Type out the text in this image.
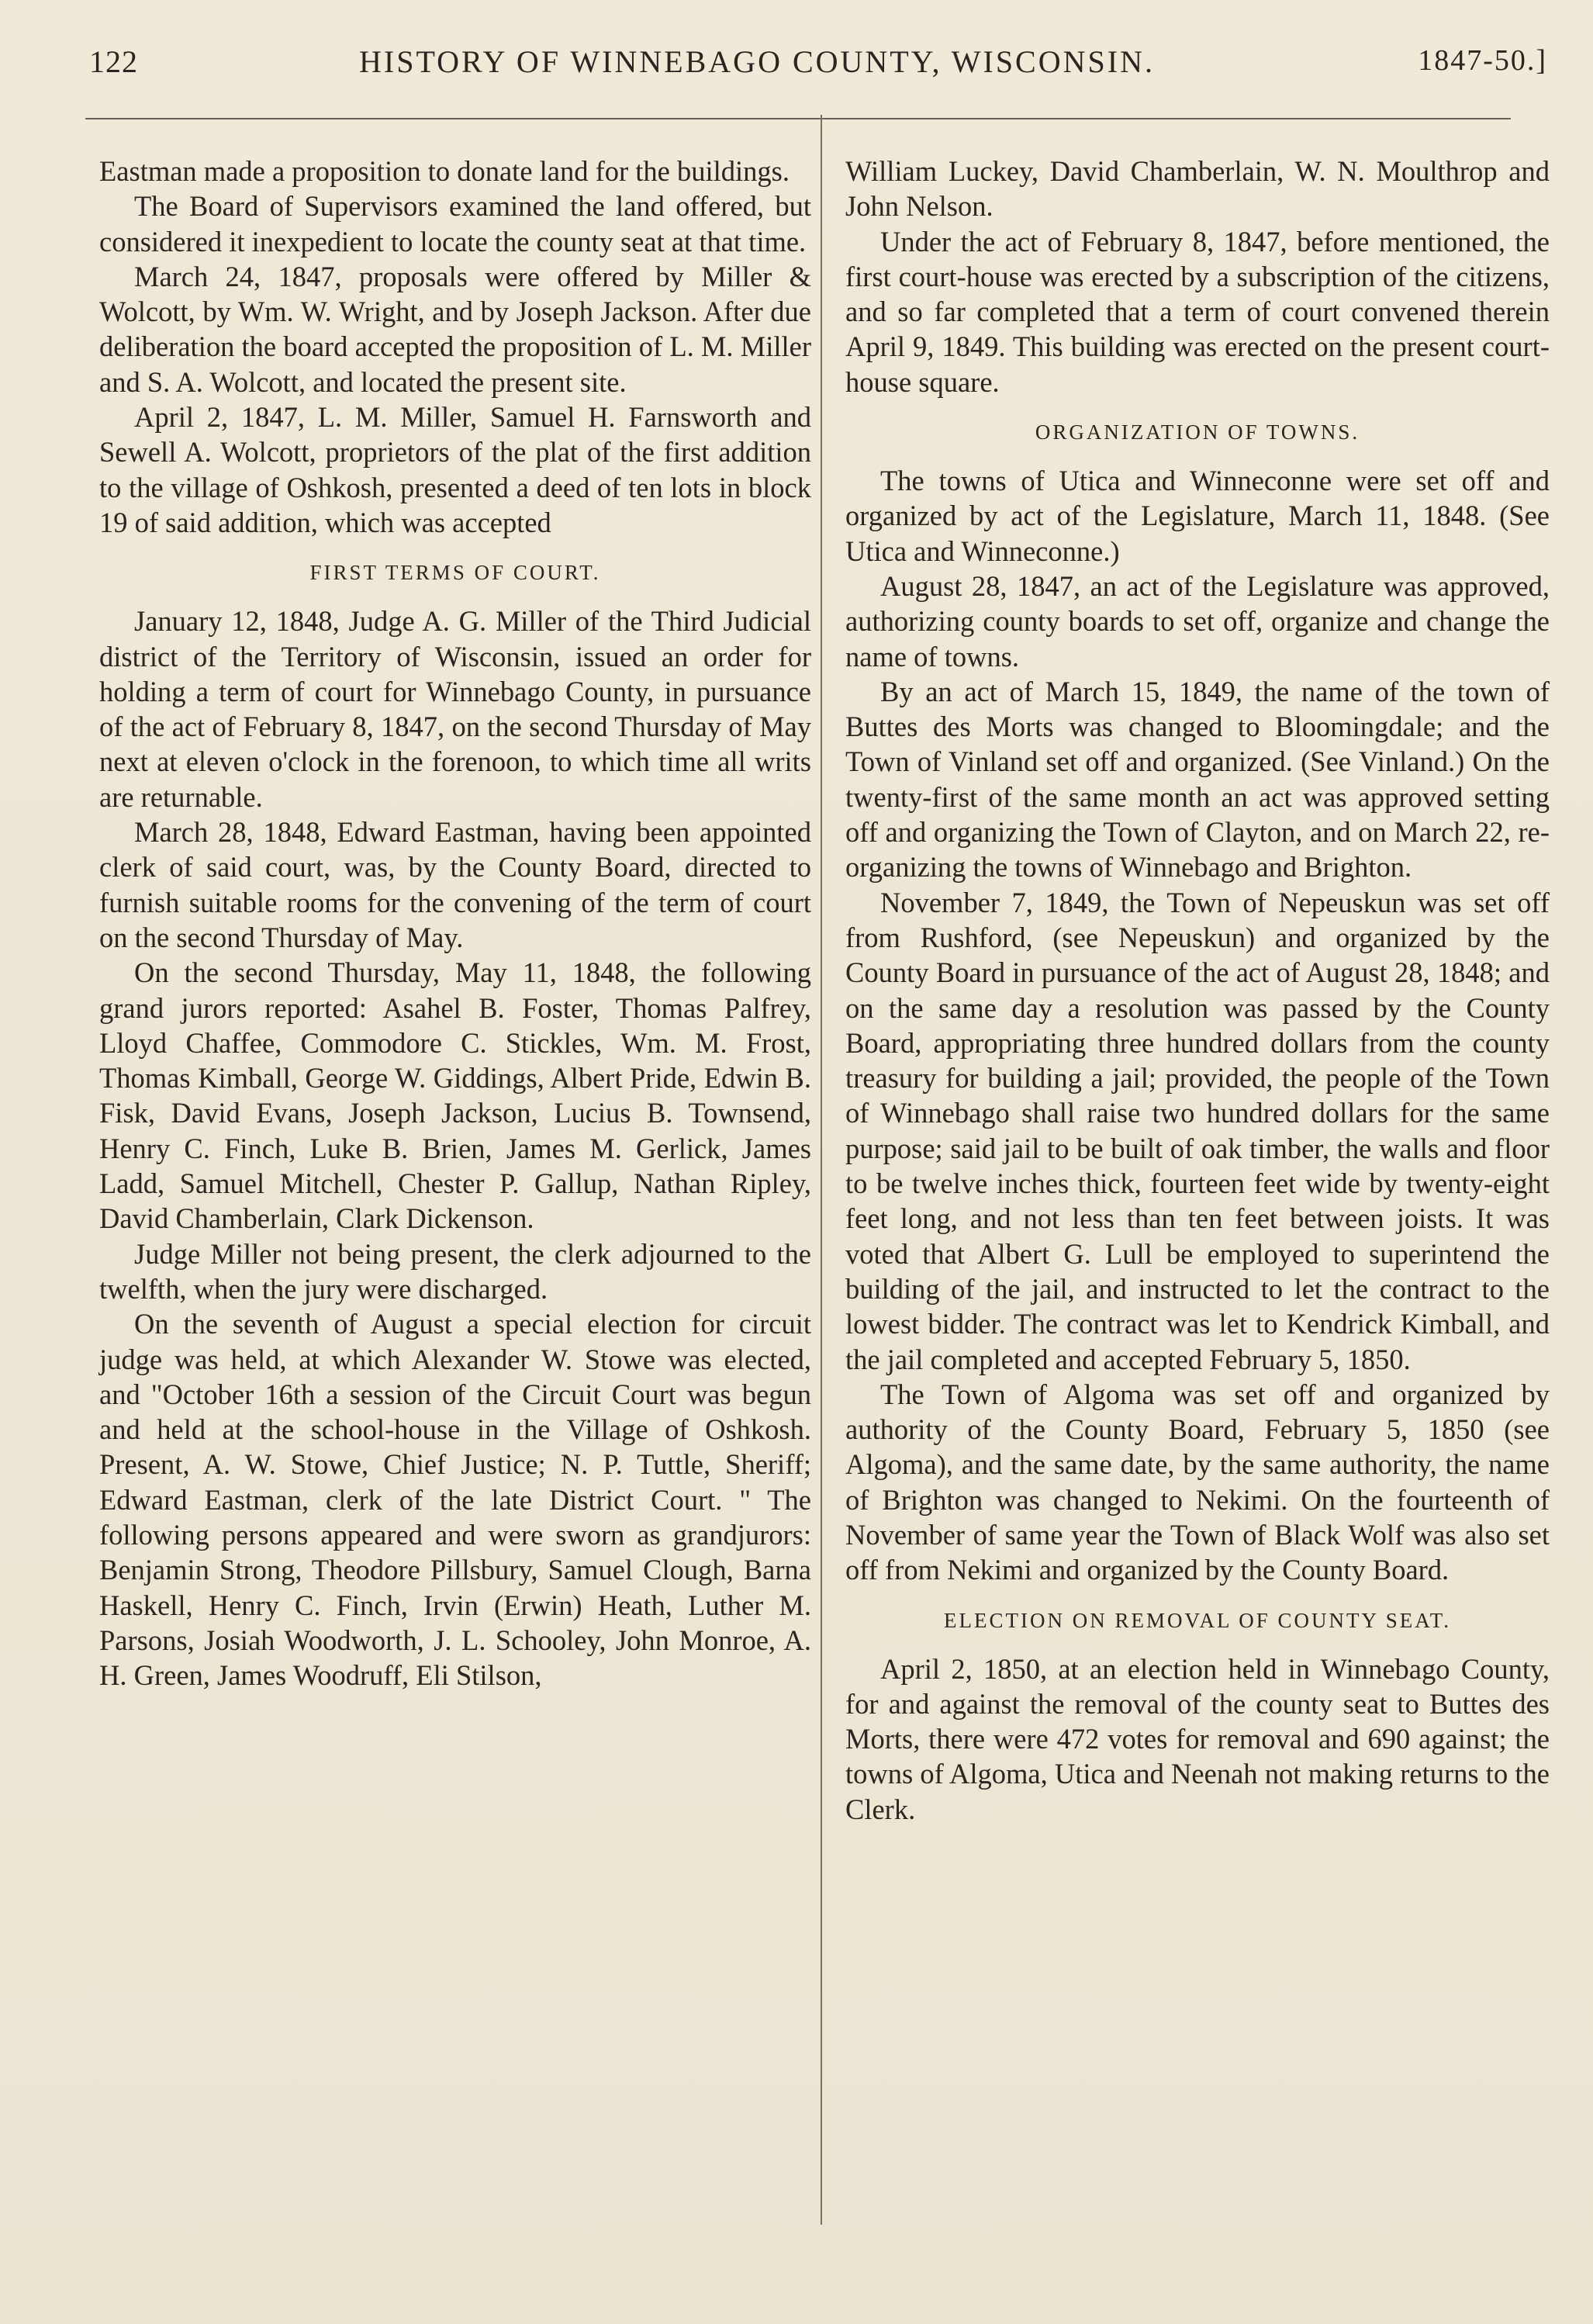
122	HISTORY OF WINNEBAGO COUNTY, WISCONSIN.	1847-50.]

Eastman made a proposition to donate land for the buildings.

The Board of Supervisors examined the land offered, but considered it inexpedient to locate the county seat at that time.

March 24, 1847, proposals were offered by Miller & Wolcott, by Wm. W. Wright, and by Joseph Jackson. After due deliberation the board accepted the proposition of L. M. Miller and S. A. Wolcott, and located the present site.

April 2, 1847, L. M. Miller, Samuel H. Farnsworth and Sewell A. Wolcott, proprietors of the plat of the first addition to the village of Oshkosh, presented a deed of ten lots in block 19 of said addition, which was accepted

FIRST TERMS OF COURT.

January 12, 1848, Judge A. G. Miller of the Third Judicial district of the Territory of Wisconsin, issued an order for holding a term of court for Winnebago County, in pursuance of the act of February 8, 1847, on the second Thursday of May next at eleven o'clock in the forenoon, to which time all writs are returnable.

March 28, 1848, Edward Eastman, having been appointed clerk of said court, was, by the County Board, directed to furnish suitable rooms for the convening of the term of court on the second Thursday of May.

On the second Thursday, May 11, 1848, the following grand jurors reported: Asahel B. Foster, Thomas Palfrey, Lloyd Chaffee, Commodore C. Stickles, Wm. M. Frost, Thomas Kimball, George W. Giddings, Albert Pride, Edwin B. Fisk, David Evans, Joseph Jackson, Lucius B. Townsend, Henry C. Finch, Luke B. Brien, James M. Gerlick, James Ladd, Samuel Mitchell, Chester P. Gallup, Nathan Ripley, David Chamberlain, Clark Dickenson.

Judge Miller not being present, the clerk adjourned to the twelfth, when the jury were discharged.

On the seventh of August a special election for circuit judge was held, at which Alexander W. Stowe was elected, and "October 16th a session of the Circuit Court was begun and held at the school-house in the Village of Oshkosh. Present, A. W. Stowe, Chief Justice; N. P. Tuttle, Sheriff; Edward Eastman, clerk of the late District Court. " The following persons appeared and were sworn as grandjurors: Benjamin Strong, Theodore Pillsbury, Samuel Clough, Barna Haskell, Henry C. Finch, Irvin (Erwin) Heath, Luther M. Parsons, Josiah Woodworth, J. L. Schooley, John Monroe, A. H. Green, James Woodruff, Eli Stilson,

William Luckey, David Chamberlain, W. N. Moulthrop and John Nelson.

Under the act of February 8, 1847, before mentioned, the first court-house was erected by a subscription of the citizens, and so far completed that a term of court convened therein April 9, 1849. This building was erected on the present court-house square.

ORGANIZATION OF TOWNS.

The towns of Utica and Winneconne were set off and organized by act of the Legislature, March 11, 1848. (See Utica and Winneconne.)

August 28, 1847, an act of the Legislature was approved, authorizing county boards to set off, organize and change the name of towns.

By an act of March 15, 1849, the name of the town of Buttes des Morts was changed to Bloomingdale; and the Town of Vinland set off and organized. (See Vinland.) On the twenty-first of the same month an act was approved setting off and organizing the Town of Clayton, and on March 22, re-organizing the towns of Winnebago and Brighton.

November 7, 1849, the Town of Nepeuskun was set off from Rushford, (see Nepeuskun) and organized by the County Board in pursuance of the act of August 28, 1848; and on the same day a resolution was passed by the County Board, appropriating three hundred dollars from the county treasury for building a jail; provided, the people of the Town of Winnebago shall raise two hundred dollars for the same purpose; said jail to be built of oak timber, the walls and floor to be twelve inches thick, fourteen feet wide by twenty-eight feet long, and not less than ten feet between joists. It was voted that Albert G. Lull be employed to superintend the building of the jail, and instructed to let the contract to the lowest bidder. The contract was let to Kendrick Kimball, and the jail completed and accepted February 5, 1850.

The Town of Algoma was set off and organized by authority of the County Board, February 5, 1850 (see Algoma), and the same date, by the same authority, the name of Brighton was changed to Nekimi. On the fourteenth of November of same year the Town of Black Wolf was also set off from Nekimi and organized by the County Board.

ELECTION ON REMOVAL OF COUNTY SEAT.

April 2, 1850, at an election held in Winnebago County, for and against the removal of the county seat to Buttes des Morts, there were 472 votes for removal and 690 against; the towns of Algoma, Utica and Neenah not making returns to the Clerk.
